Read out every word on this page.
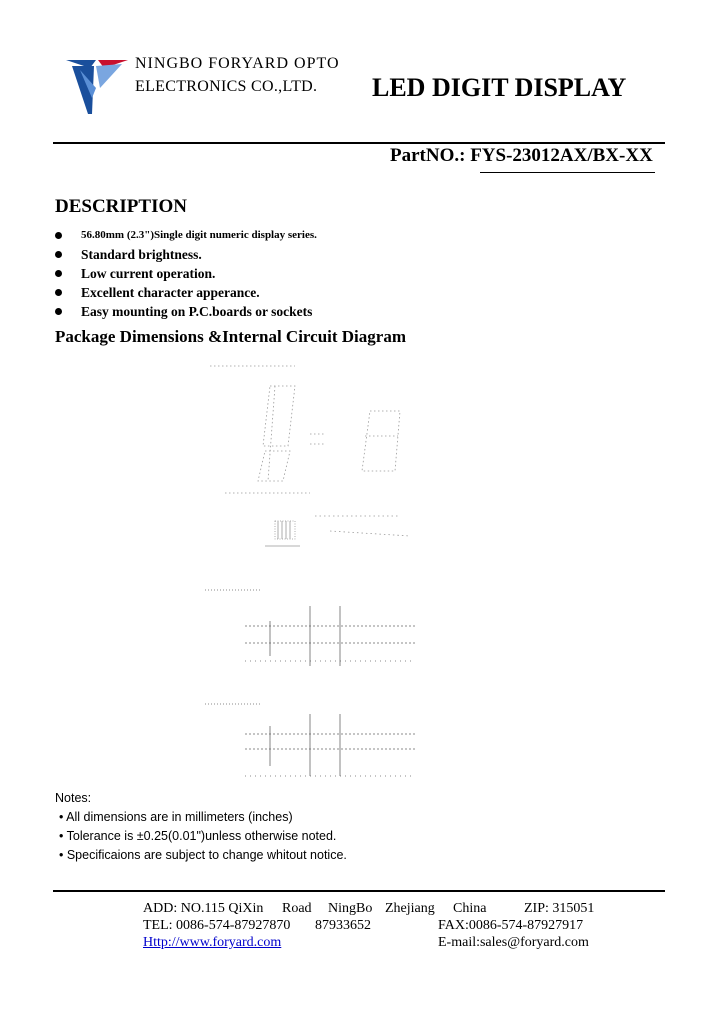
NINGBO FORYARD OPTO
ELECTRONICS CO.,LTD. LED DIGIT DISPLAY
PartNO.: FYS-23012AX/BX-XX
DESCRIPTION
56.80mm (2.3")Single digit numeric display series.
Standard brightness.
Low current operation.
Excellent character apperance.
Easy mounting on P.C.boards or sockets
Package Dimensions &Internal Circuit Diagram
Notes:
• All dimensions are in millimeters (inches)
• Tolerance is ±0.25(0.01")unless otherwise noted.
• Specificaions are subject to change whitout notice.
ADD: NO.115 QiXin Road NingBo Zhejiang China	ZIP: 315051
TEL: 0086-574-87927870 87933652	FAX:0086-574-87927917
Http://www.foryard.com	E-mail:sales@foryard.com
